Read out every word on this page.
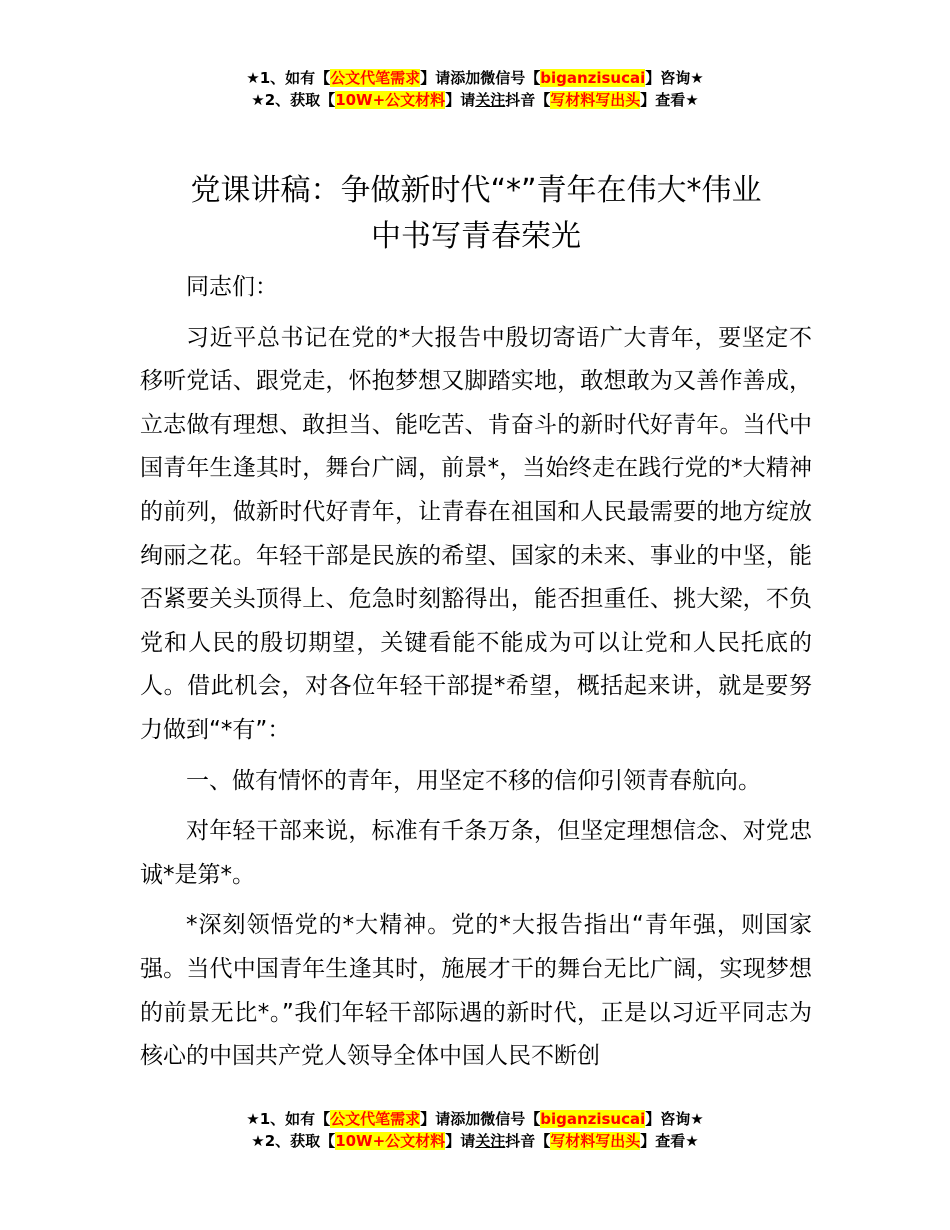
★1、如有【公文代笔需求】请添加微信号【biganzisucai】咨询★
★2、获取【10W+公文材料】请关注抖音【写材料写出头】查看★
党课讲稿：争做新时代“*”青年在伟大*伟业
中书写青春荣光

同志们：

习近平总书记在党的*大报告中殷切寄语广大青年，要坚定不移听党话、跟党走，怀抱梦想又脚踏实地，敢想敢为又善作善成，立志做有理想、敢担当、能吃苦、肯奋斗的新时代好青年。当代中国青年生逢其时，舞台广阔，前景*，当始终走在践行党的*大精神的前列，做新时代好青年，让青春在祖国和人民最需要的地方绽放绚丽之花。年轻干部是民族的希望、国家的未来、事业的中坚，能否紧要关头顶得上、危急时刻豁得出，能否担重任、挑大梁，不负党和人民的殷切期望，关键看能不能成为可以让党和人民托底的人。借此机会，对各位年轻干部提*希望，概括起来讲，就是要努力做到“*有”：

一、做有情怀的青年，用坚定不移的信仰引领青春航向。

对年轻干部来说，标准有千条万条，但坚定理想信念、对党忠诚*是第*。

*深刻领悟党的*大精神。党的*大报告指出“青年强，则国家强。当代中国青年生逢其时，施展才干的舞台无比广阔，实现梦想的前景无比*。”我们年轻干部际遇的新时代，正是以习近平同志为核心的中国共产党人领导全体中国人民不断创

★1、如有【公文代笔需求】请添加微信号【biganzisucai】咨询★
★2、获取【10W+公文材料】请关注抖音【写材料写出头】查看★
